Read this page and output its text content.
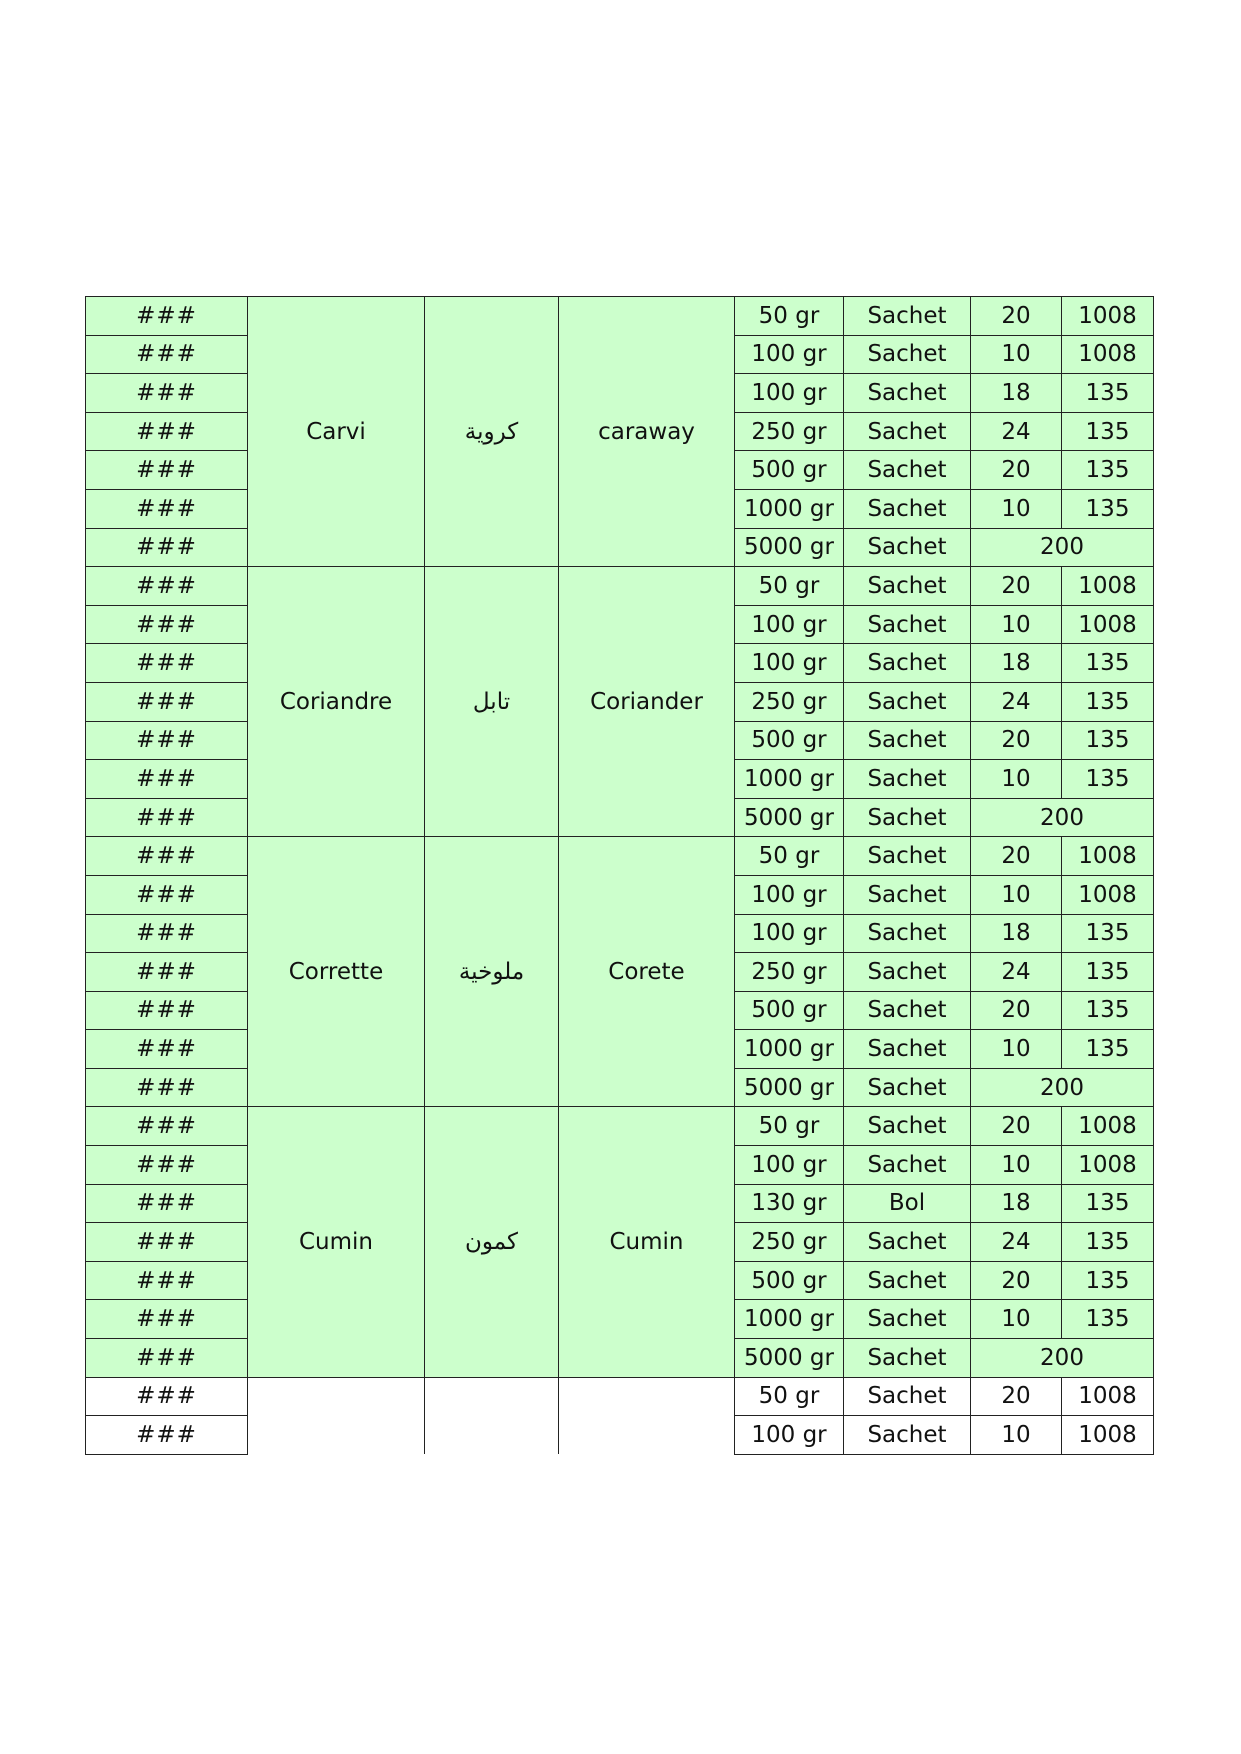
###	Carvi	كروية	caraway	50 gr	Sachet	20	1008
###				100 gr	Sachet	10	1008
###				100 gr	Sachet	18	135
###				250 gr	Sachet	24	135
###				500 gr	Sachet	20	135
###				1000 gr	Sachet	10	135
###				5000 gr	Sachet	200	
###	Coriandre	تابل	Coriander	50 gr	Sachet	20	1008
###				100 gr	Sachet	10	1008
###				100 gr	Sachet	18	135
###				250 gr	Sachet	24	135
###				500 gr	Sachet	20	135
###				1000 gr	Sachet	10	135
###				5000 gr	Sachet	200	
###	Corrette	ملوخية	Corete	50 gr	Sachet	20	1008
###				100 gr	Sachet	10	1008
###				100 gr	Sachet	18	135
###				250 gr	Sachet	24	135
###				500 gr	Sachet	20	135
###				1000 gr	Sachet	10	135
###				5000 gr	Sachet	200	
###	Cumin	كمون	Cumin	50 gr	Sachet	20	1008
###				100 gr	Sachet	10	1008
###				130 gr	Bol	18	135
###				250 gr	Sachet	24	135
###				500 gr	Sachet	20	135
###				1000 gr	Sachet	10	135
###				5000 gr	Sachet	200	
###				50 gr	Sachet	20	1008
###				100 gr	Sachet	10	1008
